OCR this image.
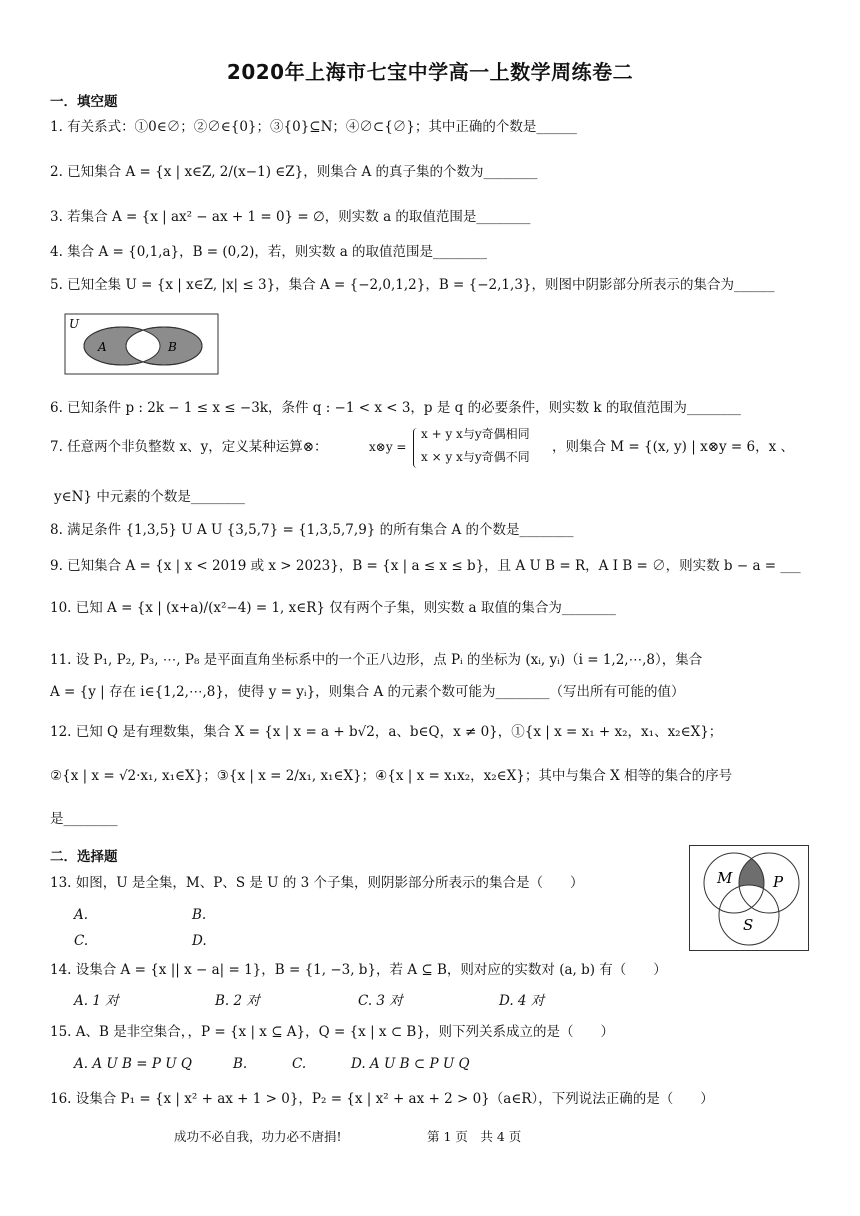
2020年上海市七宝中学高一上数学周练卷二
一．填空题
1. 有关系式：①0∈∅；②∅∈{0}；③{0}⊆N；④∅⊂{∅}；其中正确的个数是______
2. 已知集合 A = {x | x∈Z, 2/(x−1) ∈Z}，则集合 A 的真子集的个数为________
3. 若集合 A = {x | ax² − ax + 1 = 0} = ∅，则实数 a 的取值范围是________
4. 集合 A = {0,1,a}，B = (0,2)，若，则实数 a 的取值范围是________
5. 已知全集 U = {x | x∈Z, |x| ≤ 3}，集合 A = {−2,0,1,2}，B = {−2,1,3}，则图中阴影部分所表示的集合为______
U
A	B
6. 已知条件 p : 2k − 1 ≤ x ≤ −3k，条件 q : −1 < x < 3，p 是 q 的必要条件，则实数 k 的取值范围为________
7. 任意两个非负整数 x、y，定义某种运算⊗：	x⊗y =
x + y x与y奇偶相同
x × y x与y奇偶不同
，则集合 M = {(x, y) | x⊗y = 6，x 、
y∈N} 中元素的个数是________
8. 满足条件 {1,3,5} U A U {3,5,7} = {1,3,5,7,9} 的所有集合 A 的个数是________
9. 已知集合 A = {x | x < 2019 或 x > 2023}，B = {x | a ≤ x ≤ b}，且 A U B = R，A I B = ∅，则实数 b − a = ___
10. 已知 A = {x | (x+a)/(x²−4) = 1, x∈R} 仅有两个子集，则实数 a 取值的集合为________
11. 设 P₁, P₂, P₃, ⋯, P₈ 是平面直角坐标系中的一个正八边形，点 Pᵢ 的坐标为 (xᵢ, yᵢ)（i = 1,2,⋯,8），集合
A = {y | 存在 i∈{1,2,⋯,8}，使得 y = yᵢ}，则集合 A 的元素个数可能为________（写出所有可能的值）
12. 已知 Q 是有理数集，集合 X = {x | x = a + b√2，a、b∈Q，x ≠ 0}，①{x | x = x₁ + x₂，x₁、x₂∈X}；
②{x | x = √2·x₁, x₁∈X}；③{x | x = 2/x₁, x₁∈X}；④{x | x = x₁x₂，x₂∈X}；其中与集合 X 相等的集合的序号
是________
二．选择题
13. 如图，U 是全集，M、P、S 是 U 的 3 个子集，则阴影部分所表示的集合是（　　）
A.	B.
C.	D.
M	P
S
14. 设集合 A = {x || x − a| = 1}，B = {1, −3, b}，若 A ⊆ B，则对应的实数对 (a, b) 有（　　）
A. 1 对	B. 2 对	C. 3 对	D. 4 对
15. A、B 是非空集合，，P = {x | x ⊆ A}，Q = {x | x ⊂ B}，则下列关系成立的是（　　）
A. A U B = P U Q	B.	C.	D. A U B ⊂ P U Q
16. 设集合 P₁ = {x | x² + ax + 1 > 0}，P₂ = {x | x² + ax + 2 > 0}（a∈R），下列说法正确的是（　　）
成功不必自我，功力必不唐捐!	第 1 页　共 4 页
